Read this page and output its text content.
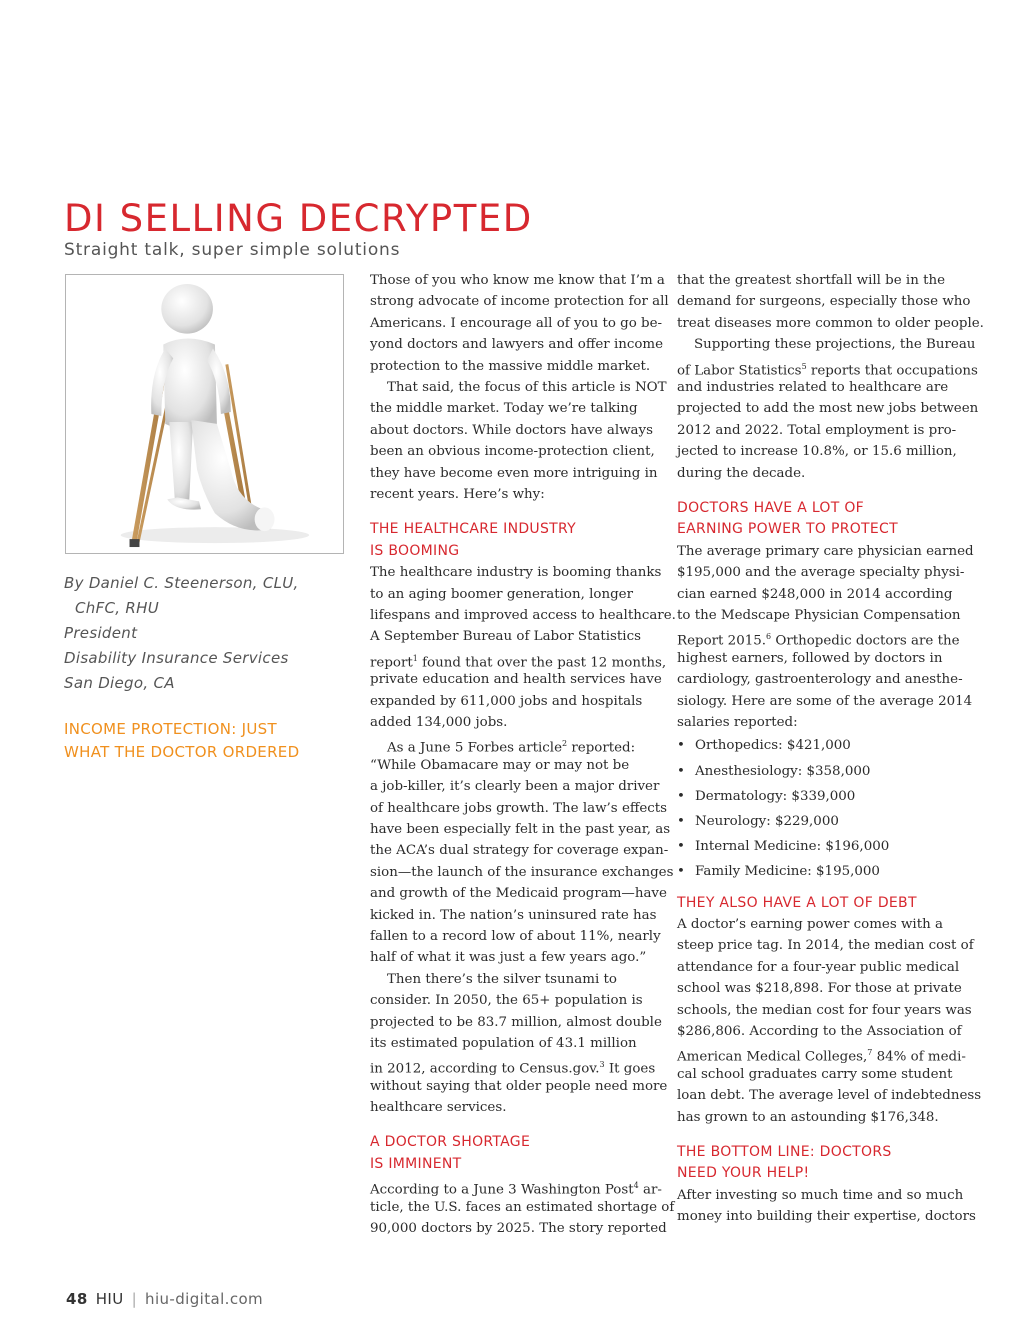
DI SELLING DECRYPTED
Straight talk, super simple solutions
By Daniel C. Steenerson, CLU,
ChFC, RHU
President
Disability Insurance Services
San Diego, CA
INCOME PROTECTION: JUST
WHAT THE DOCTOR ORDERED
Those of you who know me know that I’m a
strong advocate of income protection for all
Americans. I encourage all of you to go be-
yond doctors and lawyers and offer income
protection to the massive middle market.
That said, the focus of this article is NOT
the middle market. Today we’re talking
about doctors. While doctors have always
been an obvious income-protection client,
they have become even more intriguing in
recent years. Here’s why:
THE HEALTHCARE INDUSTRY
IS BOOMING
The healthcare industry is booming thanks
to an aging boomer generation, longer
lifespans and improved access to healthcare.
A September Bureau of Labor Statistics
report$^1$ found that over the past 12 months,
private education and health services have
expanded by 611,000 jobs and hospitals
added 134,000 jobs.
As a June 5 Forbes article$^2$ reported:
“While Obamacare may or may not be
a job-killer, it’s clearly been a major driver
of healthcare jobs growth. The law’s effects
have been especially felt in the past year, as
the ACA’s dual strategy for coverage expan-
sion—the launch of the insurance exchanges
and growth of the Medicaid program—have
kicked in. The nation’s uninsured rate has
fallen to a record low of about 11%, nearly
half of what it was just a few years ago.”
Then there’s the silver tsunami to
consider. In 2050, the 65+ population is
projected to be 83.7 million, almost double
its estimated population of 43.1 million
in 2012, according to Census.gov.$^3$ It goes
without saying that older people need more
healthcare services.
A DOCTOR SHORTAGE
IS IMMINENT
According to a June 3 Washington Post$^4$ ar-
ticle, the U.S. faces an estimated shortage of
90,000 doctors by 2025. The story reported
that the greatest shortfall will be in the
demand for surgeons, especially those who
treat diseases more common to older people.
Supporting these projections, the Bureau
of Labor Statistics$^5$ reports that occupations
and industries related to healthcare are
projected to add the most new jobs between
2012 and 2022. Total employment is pro-
jected to increase 10.8%, or 15.6 million,
during the decade.
DOCTORS HAVE A LOT OF
EARNING POWER TO PROTECT
The average primary care physician earned
$195,000 and the average specialty physi-
cian earned $248,000 in 2014 according
to the Medscape Physician Compensation
Report 2015.$^6$ Orthopedic doctors are the
highest earners, followed by doctors in
cardiology, gastroenterology and anesthe-
siology. Here are some of the average 2014
salaries reported:
• Orthopedics: $421,000
• Anesthesiology: $358,000
• Dermatology: $339,000
• Neurology: $229,000
• Internal Medicine: $196,000
• Family Medicine: $195,000
THEY ALSO HAVE A LOT OF DEBT
A doctor’s earning power comes with a
steep price tag. In 2014, the median cost of
attendance for a four-year public medical
school was $218,898. For those at private
schools, the median cost for four years was
$286,806. According to the Association of
American Medical Colleges,$^7$ 84% of medi-
cal school graduates carry some student
loan debt. The average level of indebtedness
has grown to an astounding $176,348.
THE BOTTOM LINE: DOCTORS
NEED YOUR HELP!
After investing so much time and so much
money into building their expertise, doctors
48 HIU | hiu-digital.com
